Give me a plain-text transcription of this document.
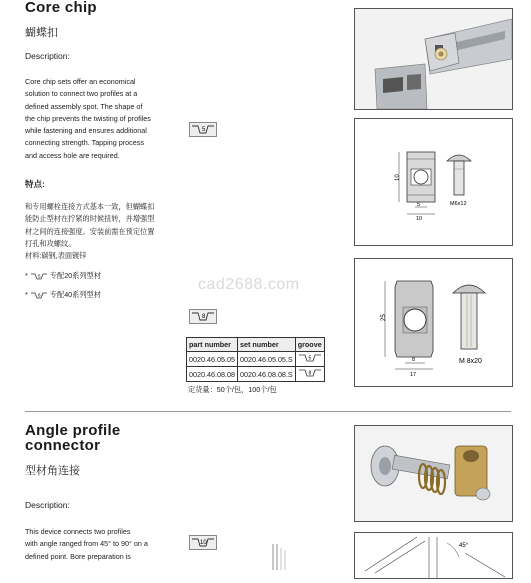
Core chip
蝴蝶扣
Description:
Core chip sets offer an economical
solution to connect two profiles at a
defined assembly spot. The shape of
the chip prevents the twisting of profiles
while fastening and ensures additional
connecting strength. Tapping process
and access hole are required.
特点:
和专用螺栓连接方式基本一致，但蝴蝶扣
能防止型材在拧紧的时候扭转，并增强型
材之间的连接强度。安装前需在预定位置
打孔和攻螺纹。
材料:碳钢,表面镀锌
* 5 专配20系列型材
* 8 专配40系列型材
5
8
part number	set number	groove
0020.46.05.05	0020.46.05.05.S	5

0020.46.08.08	0020.46.08.08.S	8
定货量：50个/包，100个/包
10
5
10
M6x12
25
8
17
M 8x20
cad2688.com
Angle profile
connector
型材角连接
Description:
This device connects two profiles
with angle ranged from 45° to 90° on a
defined point. Bore preparation is
10	45°
